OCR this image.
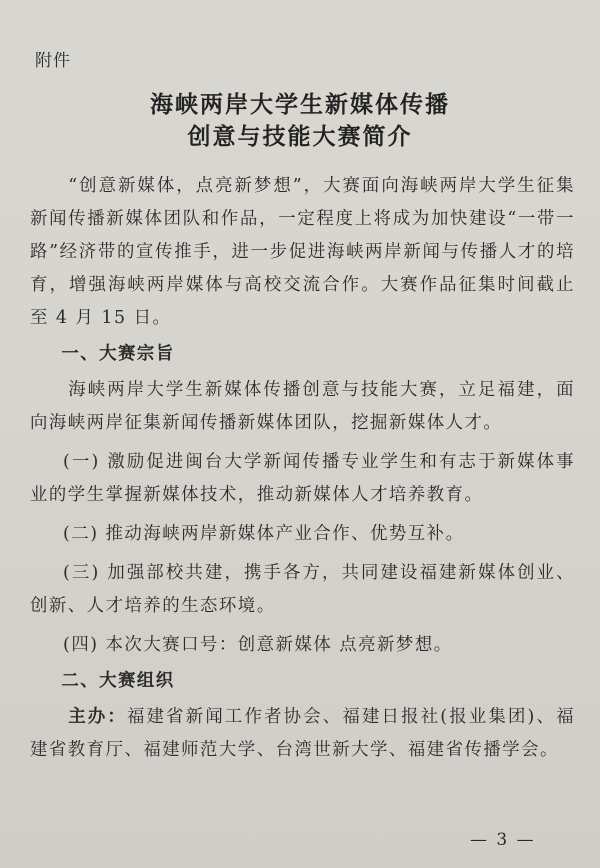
附件
海峡两岸大学生新媒体传播
创意与技能大赛简介

“创意新媒体，点亮新梦想”，大赛面向海峡两岸大学生征集新闻传播新媒体团队和作品，一定程度上将成为加快建设“一带一路”经济带的宣传推手，进一步促进海峡两岸新闻与传播人才的培育，增强海峡两岸媒体与高校交流合作。大赛作品征集时间截止至 4 月 15 日。

一、大赛宗旨

海峡两岸大学生新媒体传播创意与技能大赛，立足福建，面向海峡两岸征集新闻传播新媒体团队，挖掘新媒体人才。

(一) 激励促进闽台大学新闻传播专业学生和有志于新媒体事业的学生掌握新媒体技术，推动新媒体人才培养教育。

(二) 推动海峡两岸新媒体产业合作、优势互补。

(三) 加强部校共建，携手各方，共同建设福建新媒体创业、创新、人才培养的生态环境。

(四) 本次大赛口号：创意新媒体 点亮新梦想。

二、大赛组织

主办：福建省新闻工作者协会、福建日报社(报业集团)、福建省教育厅、福建师范大学、台湾世新大学、福建省传播学会。

— 3 —
